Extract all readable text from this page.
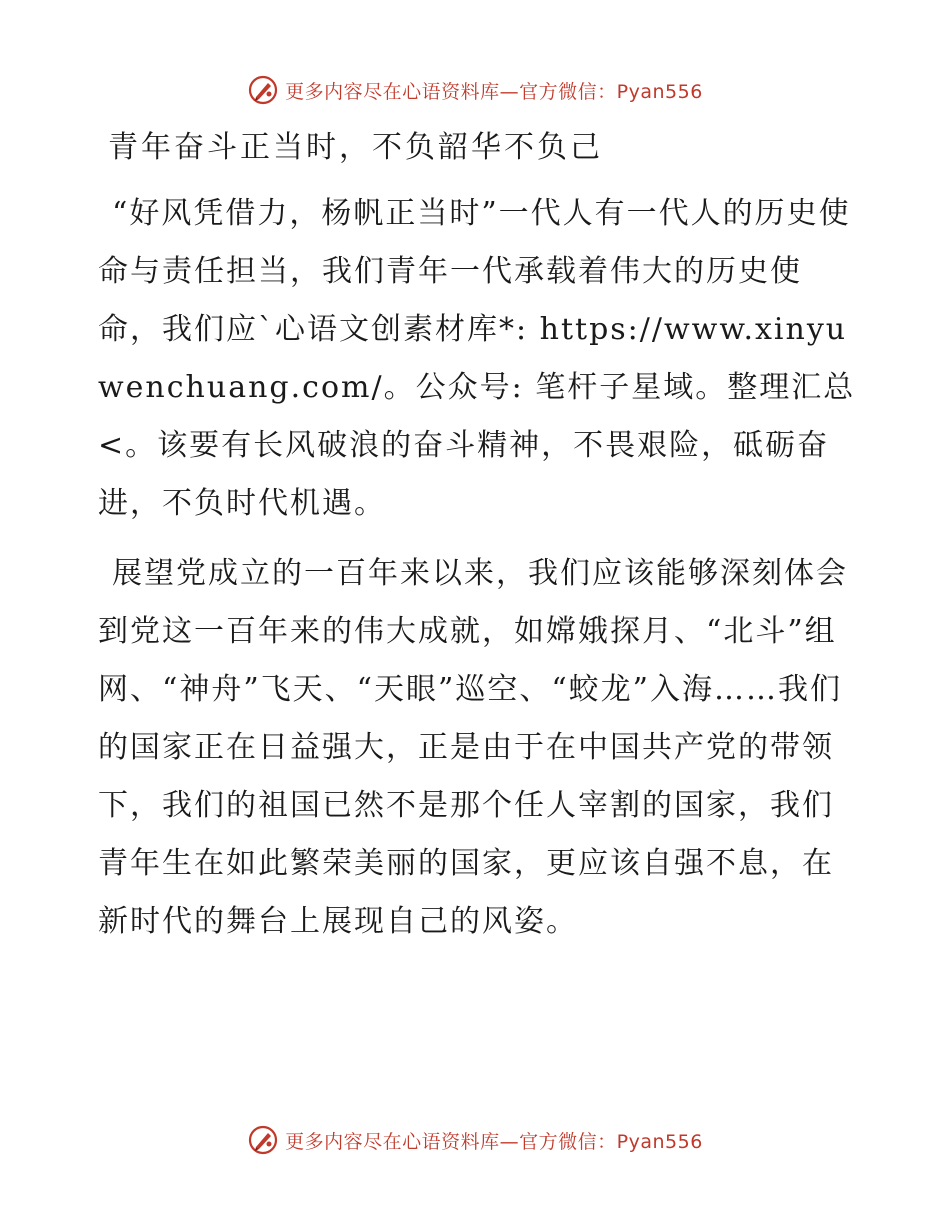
更多内容尽在心语资料库—官方微信：Pyan556
青年奋斗正当时，不负韶华不负己

“好风凭借力，杨帆正当时”一代人有一代人的历史使命与责任担当，我们青年一代承载着伟大的历史使命，我们应`心语文创素材库*: https://www.xinyuwenchuang.com/。公众号: 笔杆子星域。整理汇总<。该要有长风破浪的奋斗精神，不畏艰险，砥砺奋进，不负时代机遇。

展望党成立的一百年来以来，我们应该能够深刻体会到党这一百年来的伟大成就，如嫦娥探月、“北斗”组网、“神舟”飞天、“天眼”巡空、“蛟龙”入海……我们的国家正在日益强大，正是由于在中国共产党的带领下，我们的祖国已然不是那个任人宰割的国家，我们青年生在如此繁荣美丽的国家，更应该自强不息，在新时代的舞台上展现自己的风姿。

更多内容尽在心语资料库—官方微信：Pyan556
